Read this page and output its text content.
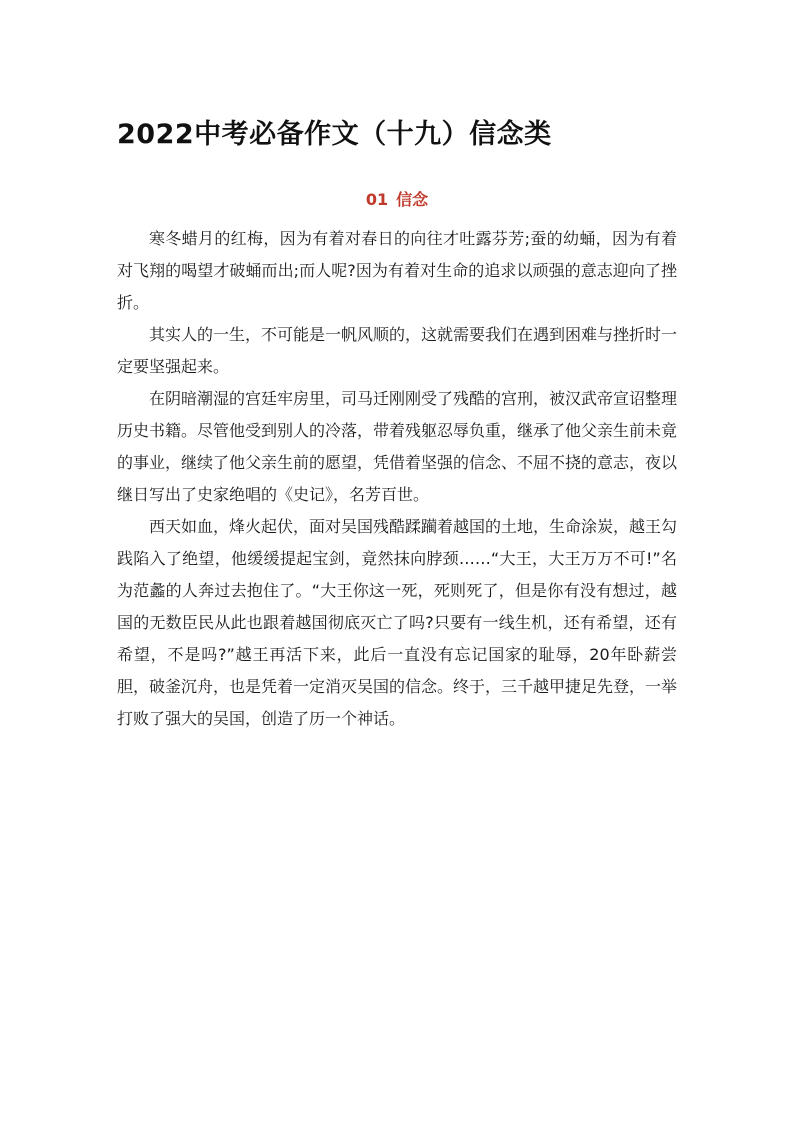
2022中考必备作文（十九）信念类
01 信念

寒冬蜡月的红梅，因为有着对春日的向往才吐露芬芳;蚕的幼蛹，因为有着对飞翔的喝望才破蛹而出;而人呢?因为有着对生命的追求以顽强的意志迎向了挫折。

其实人的一生，不可能是一帆风顺的，这就需要我们在遇到困难与挫折时一定要坚强起来。

在阴暗潮湿的宫廷牢房里，司马迁刚刚受了残酷的宫刑，被汉武帝宣诏整理历史书籍。尽管他受到别人的冷落，带着残躯忍辱负重，继承了他父亲生前未竟的事业，继续了他父亲生前的愿望，凭借着坚强的信念、不屈不挠的意志，夜以继日写出了史家绝唱的《史记》，名芳百世。

西天如血，烽火起伏，面对吴国残酷蹂躏着越国的土地，生命涂炭，越王勾践陷入了绝望，他缓缓提起宝剑，竟然抹向脖颈……“大王，大王万万不可!”名为范蠡的人奔过去抱住了。“大王你这一死，死则死了，但是你有没有想过，越国的无数臣民从此也跟着越国彻底灭亡了吗?只要有一线生机，还有希望，还有希望，不是吗?”越王再活下来，此后一直没有忘记国家的耻辱，20年卧薪尝胆，破釜沉舟，也是凭着一定消灭吴国的信念。终于，三千越甲捷足先登，一举打败了强大的吴国，创造了历一个神话。
